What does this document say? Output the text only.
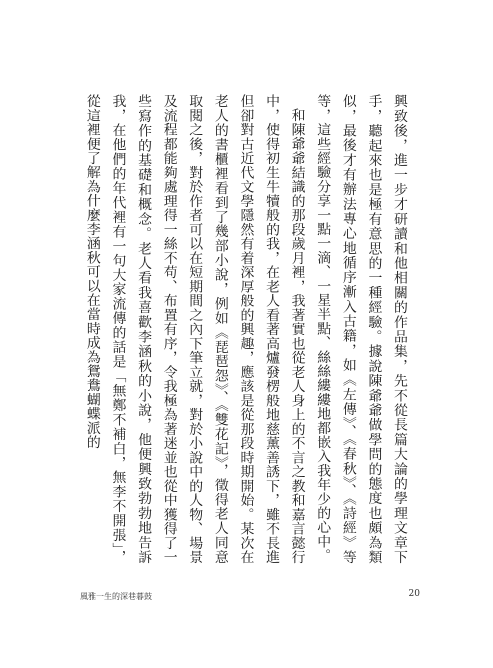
興致後，進一步才研讀和他相關的作品集，先不從長篇大論的學理文章下手，聽起來也是極有意思的一種經驗。據說陳爺爺做學問的態度也頗為類似，最後才有辦法專心地循序漸入古籍，如《左傳》、《春秋》、《詩經》等等，這些經驗分享一點一滴、一星半點、絲絲縷縷地都嵌入我年少的心中。

和陳爺爺結識的那段歲月裡，我著實也從老人身上的不言之教和嘉言懿行中，使得初生牛犢般的我，在老人看著高爐發楞般地慈薰善誘下，雖不長進但卻對古近代文學隱然有着深厚般的興趣，應該是從那段時期開始。某次在老人的書櫃裡看到了幾部小說，例如《琵琶怨》、《雙花記》，徵得老人同意取閱之後，對於作者可以在短期間之內下筆立就，對於小說中的人物、場景及流程都能夠處理得一絲不苟、布置有序，令我極為著迷並也從中獲得了一些寫作的基礎和概念。老人看我喜歡李涵秋的小說，他便興致勃勃地告訴我，在他們的年代裡有一句大家流傳的話是「無鄭不補白，無李不開張」，從這裡便了解為什麼李涵秋可以在當時成為鴛鴦蝴蝶派的

風雅一生的深巷暮鼓	20
